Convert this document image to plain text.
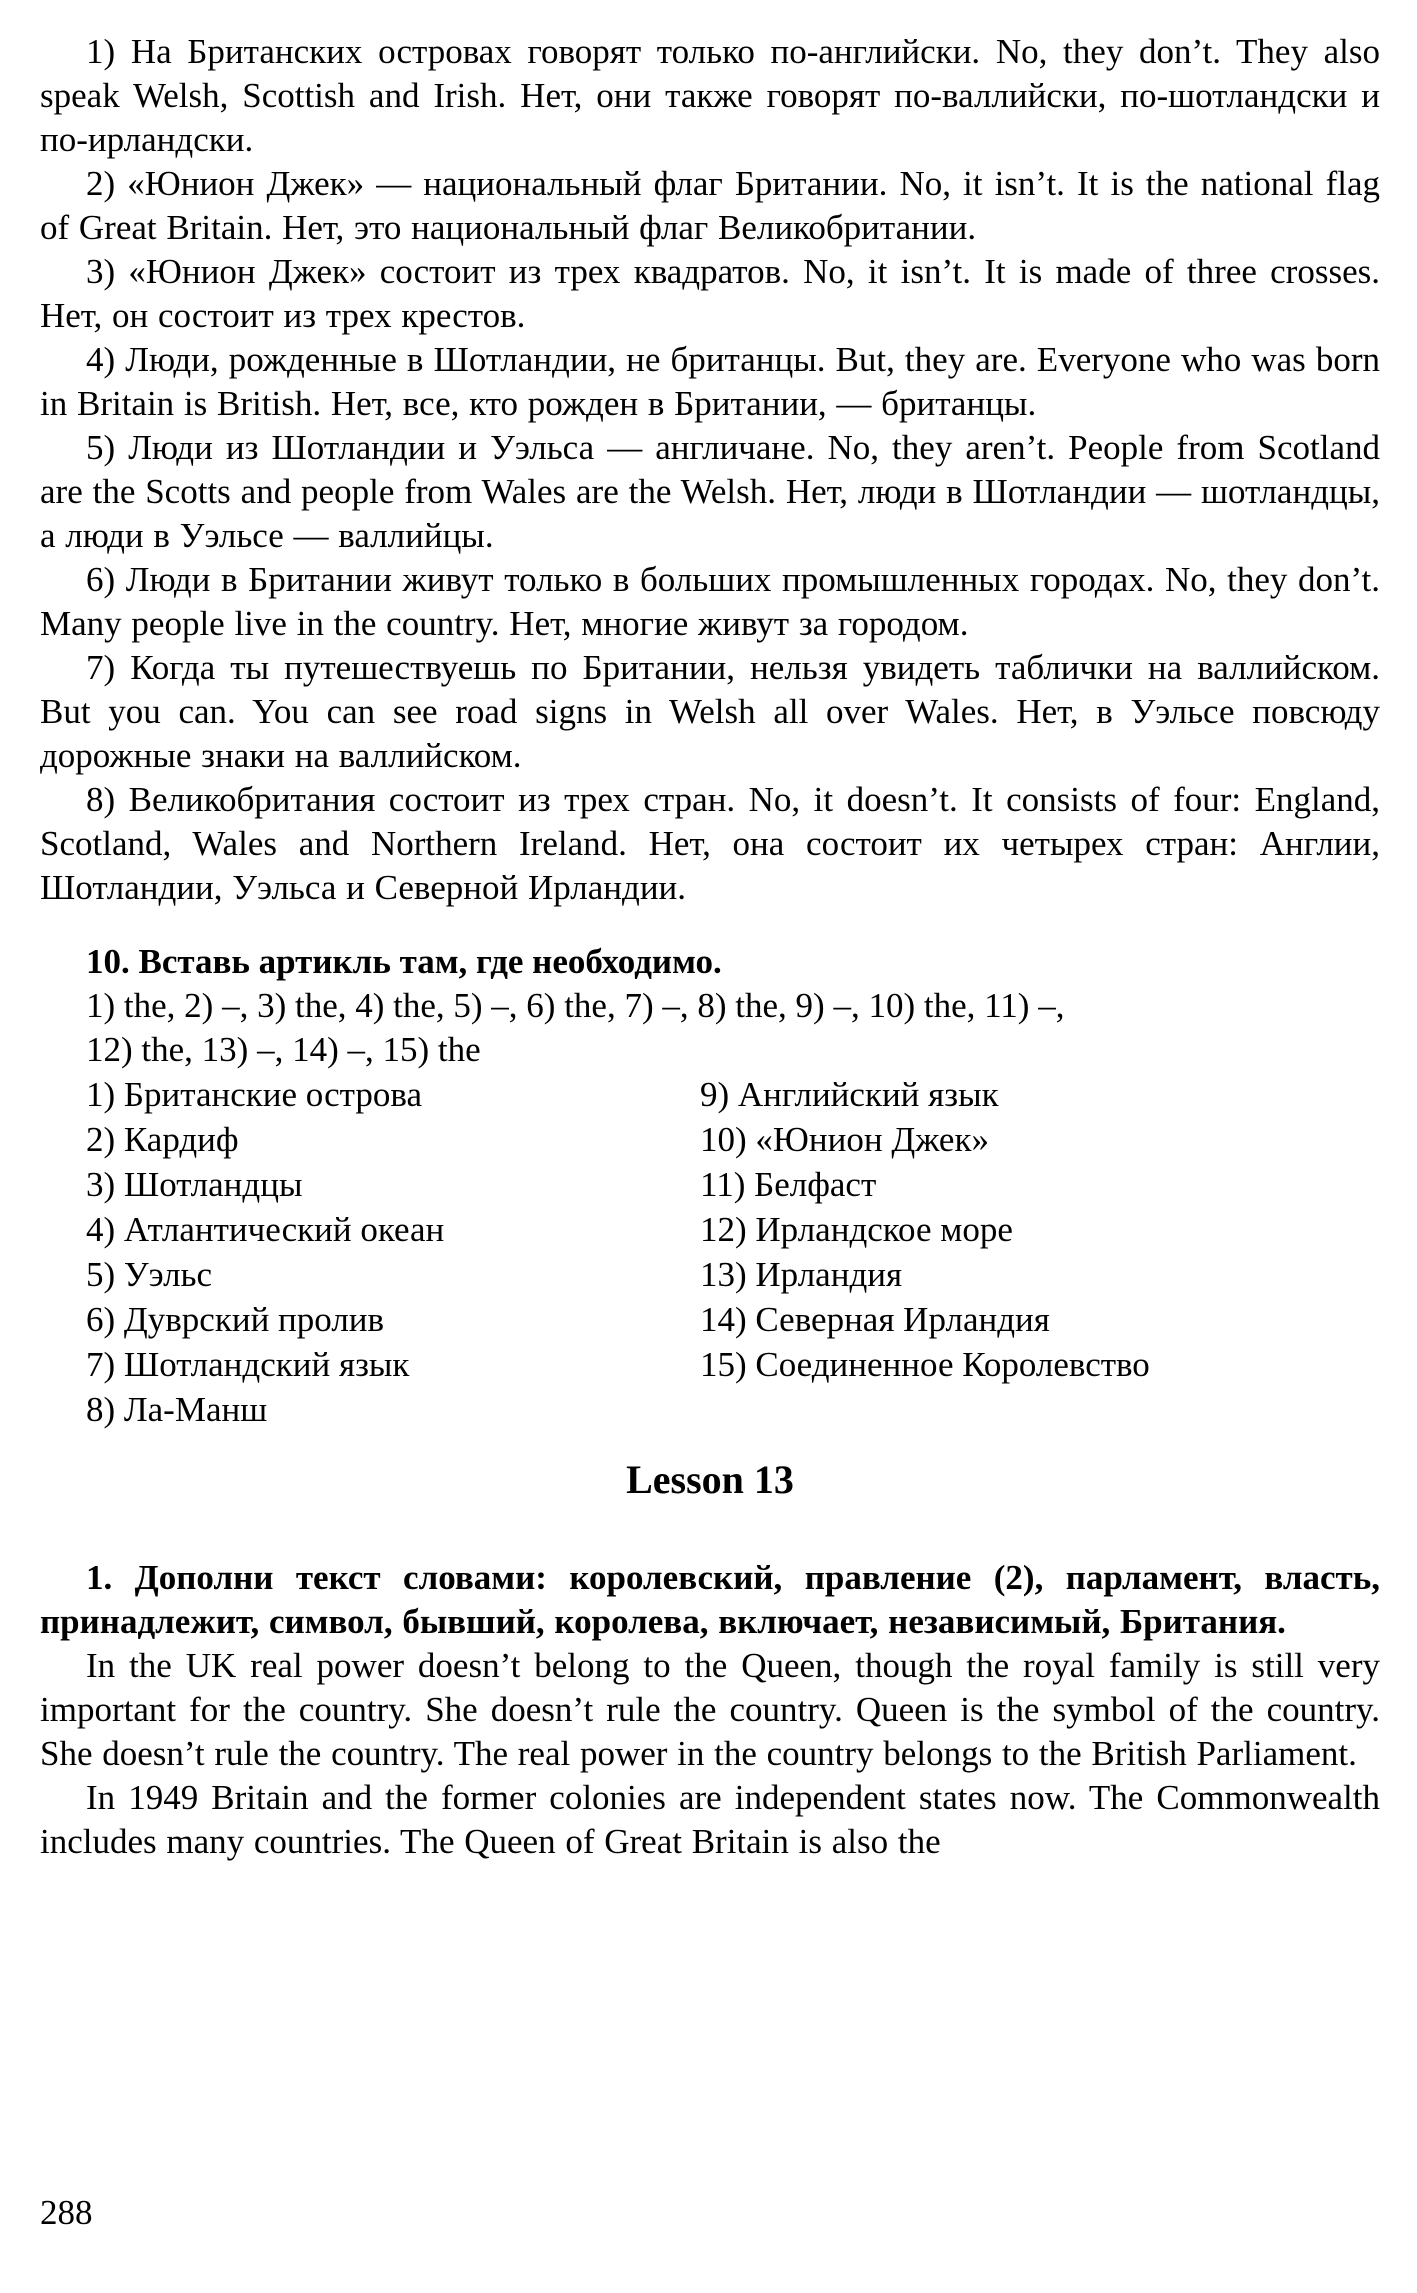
1) На Британских островах говорят только по-английски. No, they don’t. They also speak Welsh, Scottish and Irish. Нет, они также говорят по-валлийски, по-шотландски и по-ирландски.

2) «Юнион Джек» — национальный флаг Британии. No, it isn’t. It is the national flag of Great Britain. Нет, это национальный флаг Великобритании.

3) «Юнион Джек» состоит из трех квадратов. No, it isn’t. It is made of three crosses. Нет, он состоит из трех крестов.

4) Люди, рожденные в Шотландии, не британцы. But, they are. Everyone who was born in Britain is British. Нет, все, кто рожден в Британии, — британцы.

5) Люди из Шотландии и Уэльса — англичане. No, they aren’t. People from Scotland are the Scotts and people from Wales are the Welsh. Нет, люди в Шотландии — шотландцы, а люди в Уэльсе — валлийцы.

6) Люди в Британии живут только в больших промышленных городах. No, they don’t. Many people live in the country. Нет, многие живут за городом.

7) Когда ты путешествуешь по Британии, нельзя увидеть таблички на валлийском. But you can. You can see road signs in Welsh all over Wales. Нет, в Уэльсе повсюду дорожные знаки на валлийском.

8) Великобритания состоит из трех стран. No, it doesn’t. It consists of four: England, Scotland, Wales and Northern Ireland. Нет, она состоит их четырех стран: Англии, Шотландии, Уэльса и Северной Ирландии.

10. Вставь артикль там, где необходимо.

1) the, 2) –, 3) the, 4) the, 5) –, 6) the, 7) –, 8) the, 9) –, 10) the, 11) –,

12) the, 13) –, 14) –, 15) the

1) Британские острова
2) Кардиф
3) Шотландцы
4) Атлантический океан
5) Уэльс
6) Дуврский пролив
7) Шотландский язык
8) Ла-Манш
9) Английский язык
10) «Юнион Джек»
11) Белфаст
12) Ирландское море
13) Ирландия
14) Северная Ирландия
15) Соединенное Королевство
Lesson 13

1. Дополни текст словами: королевский, правление (2), парламент, власть, принадлежит, символ, бывший, королева, включает, независимый, Британия.

In the UK real power doesn’t belong to the Queen, though the royal family is still very important for the country. She doesn’t rule the country. Queen is the symbol of the country. She doesn’t rule the country. The real power in the country belongs to the British Parliament.

In 1949 Britain and the former colonies are independent states now. The Commonwealth includes many countries. The Queen of Great Britain is also the

288
